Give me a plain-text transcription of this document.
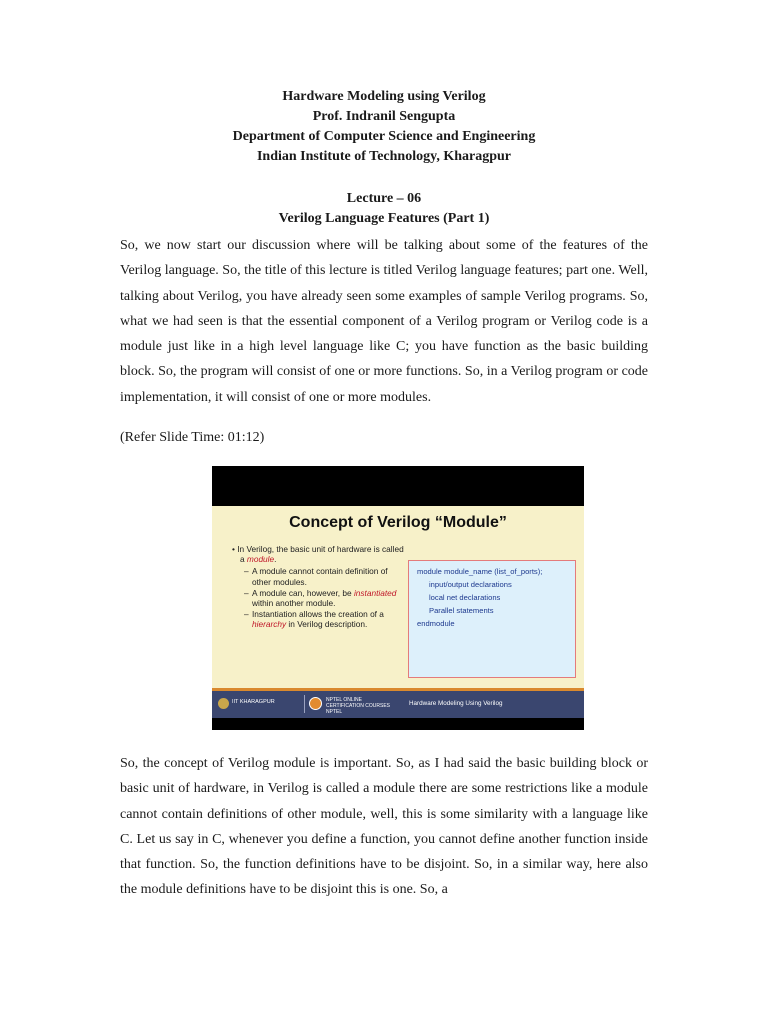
Hardware Modeling using Verilog
Prof. Indranil Sengupta
Department of Computer Science and Engineering
Indian Institute of Technology, Kharagpur
Lecture – 06
Verilog Language Features (Part 1)

So, we now start our discussion where will be talking about some of the features of the Verilog language. So, the title of this lecture is titled Verilog language features; part one. Well, talking about Verilog, you have already seen some examples of sample Verilog programs. So, what we had seen is that the essential component of a Verilog program or Verilog code is a module just like in a high level language like C; you have function as the basic building block. So, the program will consist of one or more functions. So, in a Verilog program or code implementation, it will consist of one or more modules.

(Refer Slide Time: 01:12)

Concept of Verilog “Module”
• In Verilog, the basic unit of hardware is called a module.
– A module cannot contain definition of other modules.
– A module can, however, be instantiated within another module.
– Instantiation allows the creation of a hierarchy in Verilog description.
module module_name (list_of_ports);
input/output declarations
local net declarations
Parallel statements
endmodule
IIT KHARAGPUR	NPTEL ONLINE
CERTIFICATION COURSES
NPTEL
Hardware Modeling Using Verilog

So, the concept of Verilog module is important. So, as I had said the basic building block or basic unit of hardware, in Verilog is called a module there are some restrictions like a module cannot contain definitions of other module, well, this is some similarity with a language like C. Let us say in C, whenever you define a function, you cannot define another function inside that function. So, the function definitions have to be disjoint. So, in a similar way, here also the module definitions have to be disjoint this is one. So, a
